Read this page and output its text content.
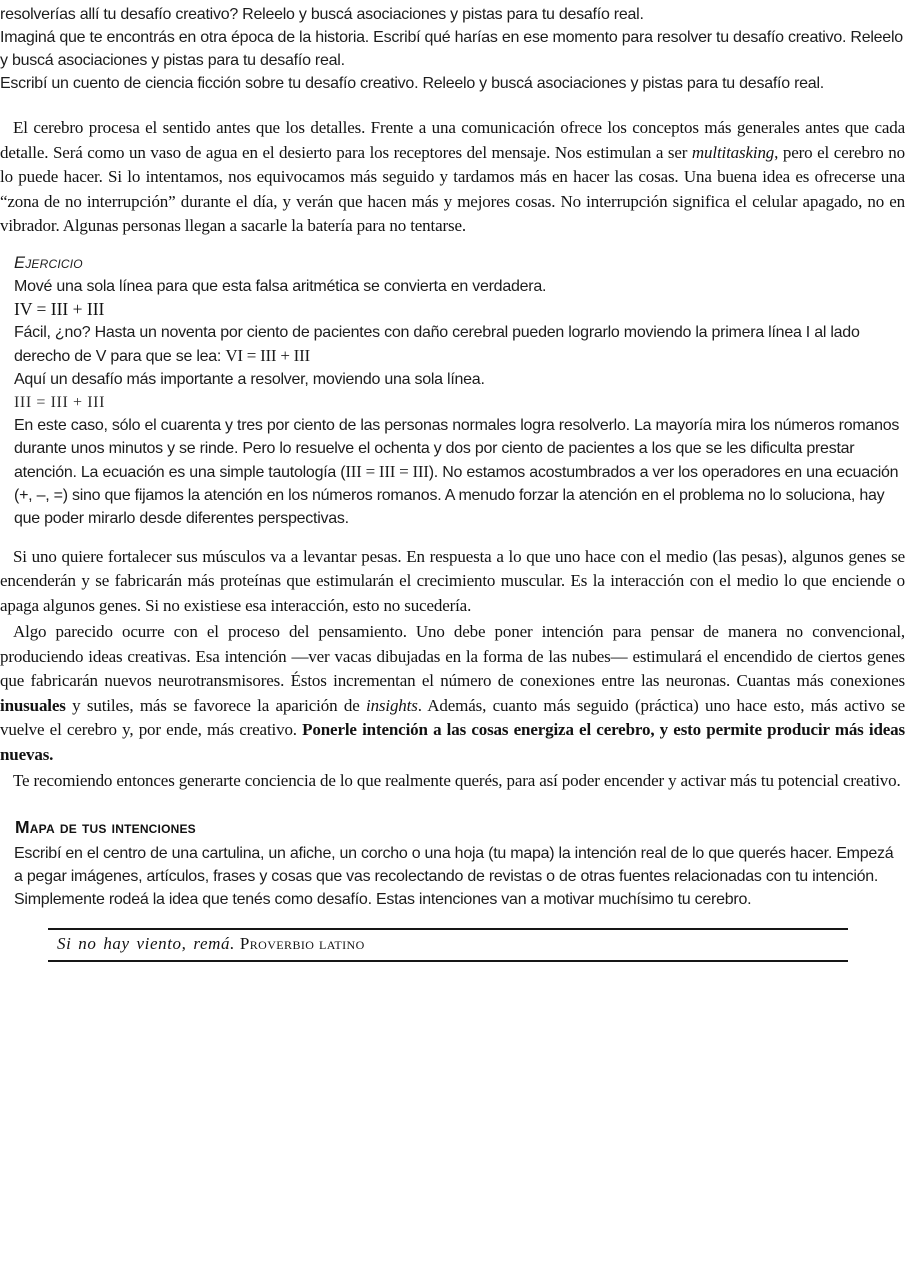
resolverías allí tu desafío creativo? Releelo y buscá asociaciones y pistas para tu desafío real.
Imaginá que te encontrás en otra época de la historia. Escribí qué harías en ese momento para resolver tu desafío creativo. Releelo y buscá asociaciones y pistas para tu desafío real.
Escribí un cuento de ciencia ficción sobre tu desafío creativo. Releelo y buscá asociaciones y pistas para tu desafío real.
El cerebro procesa el sentido antes que los detalles. Frente a una comunicación ofrece los conceptos más generales antes que cada detalle. Será como un vaso de agua en el desierto para los receptores del mensaje. Nos estimulan a ser multitasking, pero el cerebro no lo puede hacer. Si lo intentamos, nos equivocamos más seguido y tardamos más en hacer las cosas. Una buena idea es ofrecerse una “zona de no interrupción” durante el día, y verán que hacen más y mejores cosas. No interrupción significa el celular apagado, no en vibrador. Algunas personas llegan a sacarle la batería para no tentarse.
Ejercicio
Mové una sola línea para que esta falsa aritmética se convierta en verdadera.
IV = III + III
Fácil, ¿no? Hasta un noventa por ciento de pacientes con daño cerebral pueden lograrlo moviendo la primera línea I al lado derecho de V para que se lea: VI = III + III
Aquí un desafío más importante a resolver, moviendo una sola línea.
III = III + III
En este caso, sólo el cuarenta y tres por ciento de las personas normales logra resolverlo. La mayoría mira los números romanos durante unos minutos y se rinde. Pero lo resuelve el ochenta y dos por ciento de pacientes a los que se les dificulta prestar atención. La ecuación es una simple tautología (III = III = III). No estamos acostumbrados a ver los operadores en una ecuación (+, –, =) sino que fijamos la atención en los números romanos. A menudo forzar la atención en el problema no lo soluciona, hay que poder mirarlo desde diferentes perspectivas.
Si uno quiere fortalecer sus músculos va a levantar pesas. En respuesta a lo que uno hace con el medio (las pesas), algunos genes se encenderán y se fabricarán más proteínas que estimularán el crecimiento muscular. Es la interacción con el medio lo que enciende o apaga algunos genes. Si no existiese esa interacción, esto no sucedería.
Algo parecido ocurre con el proceso del pensamiento. Uno debe poner intención para pensar de manera no convencional, produciendo ideas creativas. Esa intención —ver vacas dibujadas en la forma de las nubes— estimulará el encendido de ciertos genes que fabricarán nuevos neurotransmisores. Éstos incrementan el número de conexiones entre las neuronas. Cuantas más conexiones inusuales y sutiles, más se favorece la aparición de insights. Además, cuanto más seguido (práctica) uno hace esto, más activo se vuelve el cerebro y, por ende, más creativo. Ponerle intención a las cosas energiza el cerebro, y esto permite producir más ideas nuevas.
Te recomiendo entonces generarte conciencia de lo que realmente querés, para así poder encender y activar más tu potencial creativo.
Mapa de tus intenciones
Escribí en el centro de una cartulina, un afiche, un corcho o una hoja (tu mapa) la intención real de lo que querés hacer. Empezá a pegar imágenes, artículos, frases y cosas que vas recolectando de revistas o de otras fuentes relacionadas con tu intención. Simplemente rodeá la idea que tenés como desafío. Estas intenciones van a motivar muchísimo tu cerebro.
Si no hay viento, remá. Proverbio latino
